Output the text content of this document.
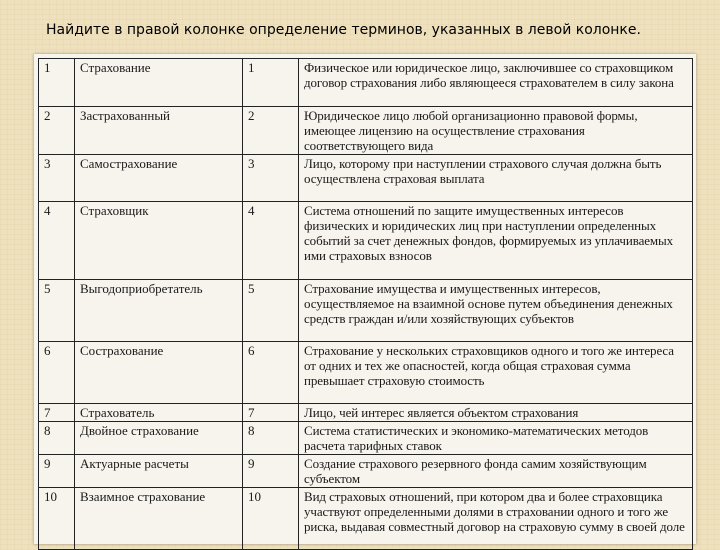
Найдите в правой колонке определение терминов, указанных в левой колонке.
1	Страхование	1	Физическое или юридическое лицо, заключившее со страховщиком договор страхования либо являющееся страхователем в силу закона
2	Застрахованный	2	Юридическое лицо любой организационно правовой формы, имеющее лицензию на осуществление страхования соответствующего вида
3	Самострахование	3	Лицо, которому при наступлении страхового случая должна быть осуществлена страховая выплата
4	Страховщик	4	Система отношений по защите имущественных интересов физических и юридических лиц при наступлении определенных событий за счет денежных фондов, формируемых из уплачиваемых ими страховых взносов
5	Выгодоприобретатель	5	Страхование имущества и имущественных интересов, осуществляемое на взаимной основе путем объединения денежных средств граждан и/или хозяйствующих субъектов
6	Сострахование	6	Страхование у нескольких страховщиков одного и того же интереса от одних и тех же опасностей, когда общая страховая сумма превышает страховую стоимость
7	Страхователь	7	Лицо, чей интерес является объектом страхования
8	Двойное страхование	8	Система статистических и экономико-математических методов расчета тарифных ставок
9	Актуарные расчеты	9	Создание страхового резервного фонда самим хозяйствующим субъектом
10	Взаимное страхование	10	Вид страховых отношений, при котором два и более страховщика участвуют определенными долями в страховании одного и того же риска, выдавая совместный договор на страховую сумму в своей доле
